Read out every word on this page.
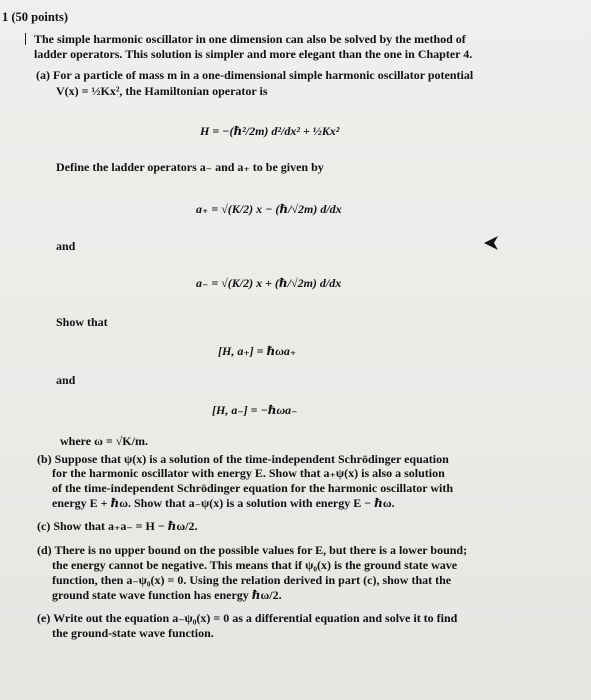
1 (50 points)
The simple harmonic oscillator in one dimension can also be solved by the method of
ladder operators. This solution is simpler and more elegant than the one in Chapter 4.
(a) For a particle of mass m in a one-dimensional simple harmonic oscillator potential
V(x) = ½Kx², the Hamiltonian operator is
H = −(ℏ²/2m) d²/dx² + ½Kx²
Define the ladder operators a₋ and a₊ to be given by
a₊ = √(K/2) x − (ℏ/√2m) d/dx
and
a₋ = √(K/2) x + (ℏ/√2m) d/dx
Show that
[H, a₊] = ℏωa₊
and
[H, a₋] = −ℏωa₋
where ω = √K/m.
(b) Suppose that ψ(x) is a solution of the time-independent Schrödinger equation
for the harmonic oscillator with energy E. Show that a₊ψ(x) is also a solution
of the time-independent Schrödinger equation for the harmonic oscillator with
energy E + ℏω. Show that a₋ψ(x) is a solution with energy E − ℏω.
(c) Show that a₊a₋ = H − ℏω/2.
(d) There is no upper bound on the possible values for E, but there is a lower bound;
the energy cannot be negative. This means that if ψ₀(x) is the ground state wave
function, then a₋ψ₀(x) = 0. Using the relation derived in part (c), show that the
ground state wave function has energy ℏω/2.
(e) Write out the equation a₋ψ₀(x) = 0 as a differential equation and solve it to find
the ground-state wave function.
